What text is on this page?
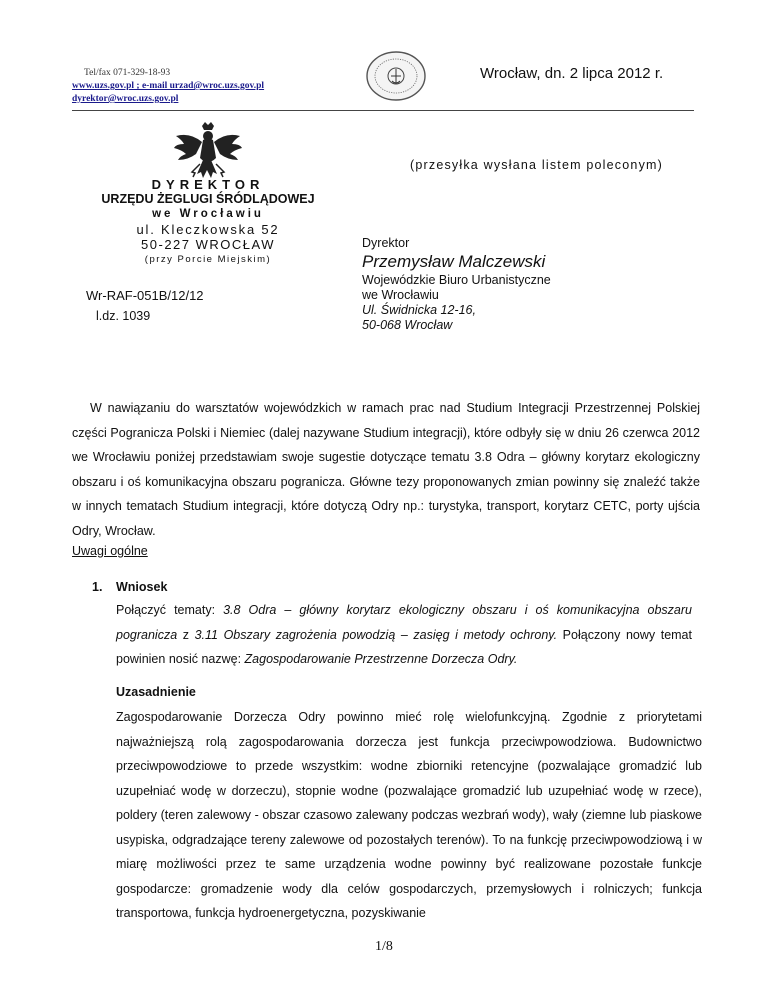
Tel/fax 071-329-18-93
www.uzs.gov.pl ; e-mail urzad@wroc.uzs.gov.pl
dyrektor@wroc.uzs.gov.pl
Wrocław, dn. 2 lipca 2012 r.
(przesyłka wysłana listem poleconym)
DYREKTOR
URZĘDU ŻEGLUGI ŚRÓDLĄDOWEJ
we Wrocławiu
ul. Kleczkowska 52
50-227 WROCŁAW
(przy Porcie Miejskim)
Wr-RAF-051B/12/12
l.dz. 1039
Dyrektor
Przemysław Malczewski
Wojewódzkie Biuro Urbanistyczne
we Wrocławiu
Ul. Świdnicka 12-16,
50-068 Wrocław
W nawiązaniu do warsztatów wojewódzkich w ramach prac nad Studium Integracji Przestrzennej Polskiej części Pogranicza Polski i Niemiec (dalej nazywane Studium integracji), które odbyły się w dniu 26 czerwca 2012 we Wrocławiu poniżej przedstawiam swoje sugestie dotyczące tematu 3.8 Odra – główny korytarz ekologiczny obszaru i oś komunikacyjna obszaru pogranicza. Główne tezy proponowanych zmian powinny się znaleźć także w innych tematach Studium integracji, które dotyczą Odry np.: turystyka, transport, korytarz CETC, porty ujścia Odry, Wrocław.
Uwagi ogólne
1. Wniosek
Połączyć tematy: 3.8 Odra – główny korytarz ekologiczny obszaru i oś komunikacyjna obszaru pogranicza z 3.11 Obszary zagrożenia powodzią – zasięg i metody ochrony. Połączony nowy temat powinien nosić nazwę: Zagospodarowanie Przestrzenne Dorzecza Odry.
Uzasadnienie
Zagospodarowanie Dorzecza Odry powinno mieć rolę wielofunkcyjną. Zgodnie z priorytetami najważniejszą rolą zagospodarowania dorzecza jest funkcja przeciwpowodziowa. Budownictwo przeciwpowodziowe to przede wszystkim: wodne zbiorniki retencyjne (pozwalające gromadzić lub uzupełniać wodę w dorzeczu), stopnie wodne (pozwalające gromadzić lub uzupełniać wodę w rzece), poldery (teren zalewowy - obszar czasowo zalewany podczas wezbrań wody), wały (ziemne lub piaskowe usypiska, odgradzające tereny zalewowe od pozostałych terenów). To na funkcję przeciwpowodziową i w miarę możliwości przez te same urządzenia wodne powinny być realizowane pozostałe funkcje gospodarcze: gromadzenie wody dla celów gospodarczych, przemysłowych i rolniczych; funkcja transportowa, funkcja hydroenergetyczna, pozyskiwanie
1/8
